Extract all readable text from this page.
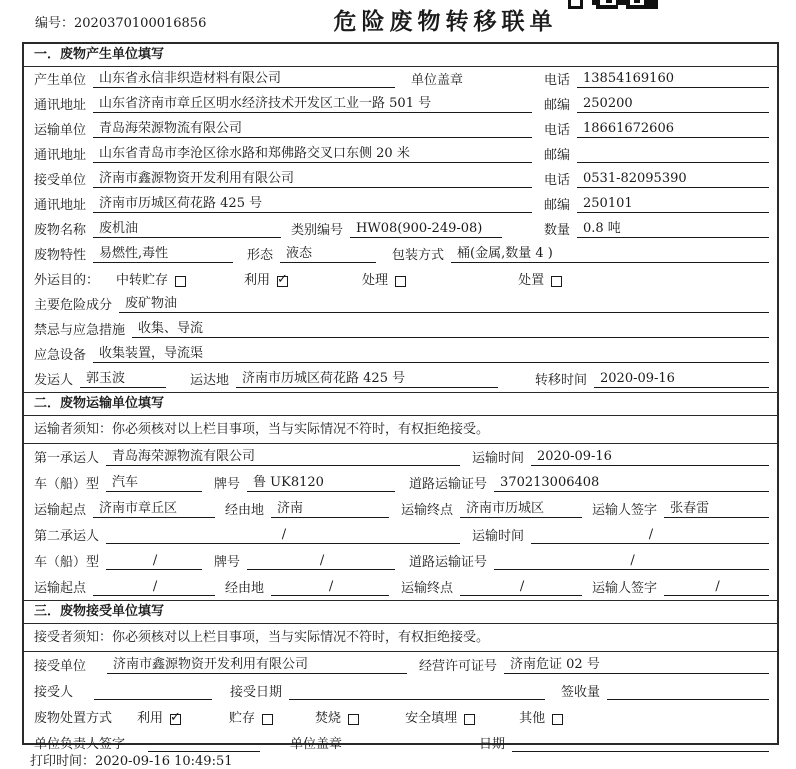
编号：2020370100016856	危险废物转移联单
一．废物产生单位填写
产生单位	山东省永信非织造材料有限公司	单位盖章	电话	13854169160
通讯地址	山东省济南市章丘区明水经济技术开发区工业一路 501 号	邮编	250200
运输单位	青岛海荣源物流有限公司	电话	18661672606
通讯地址	山东省青岛市李沧区徐水路和郑佛路交叉口东侧 20 米	邮编
接受单位	济南市鑫源物资开发利用有限公司	电话	0531-82095390
通讯地址	济南市历城区荷花路 425 号	邮编	250101
废物名称	废机油	类别编号	HW08(900-249-08)	数量	0.8 吨
废物特性	易燃性,毒性	形态	液态	包装方式	桶(金属,数量 4 )
外运目的：	中转贮存	利用 ✓	处理	处置
主要危险成分	废矿物油
禁忌与应急措施	收集、导流
应急设备	收集装置，导流渠
发运人	郭玉波	运达地	济南市历城区荷花路 425 号	转移时间	2020-09-16
二．废物运输单位填写
运输者须知：你必须核对以上栏目事项，当与实际情况不符时，有权拒绝接受。
第一承运人	青岛海荣源物流有限公司	运输时间	2020-09-16
车（船）型	汽车	牌号	鲁 UK8120	道路运输证号	370213006408
运输起点	济南市章丘区	经由地	济南	运输终点	济南市历城区	运输人签字	张春雷
第二承运人	/	运输时间	/
车（船）型	/	牌号	/	道路运输证号	/
运输起点	/	经由地	/	运输终点	/	运输人签字	/
三．废物接受单位填写
接受者须知：你必须核对以上栏目事项，当与实际情况不符时，有权拒绝接受。
接受单位	济南市鑫源物资开发利用有限公司	经营许可证号	济南危证 02 号
接受人	接受日期	签收量
废物处置方式	利用 ✓	贮存	焚烧	安全填埋	其他
单位负责人签字	单位盖章	日期
打印时间：2020-09-16 10:49:51
